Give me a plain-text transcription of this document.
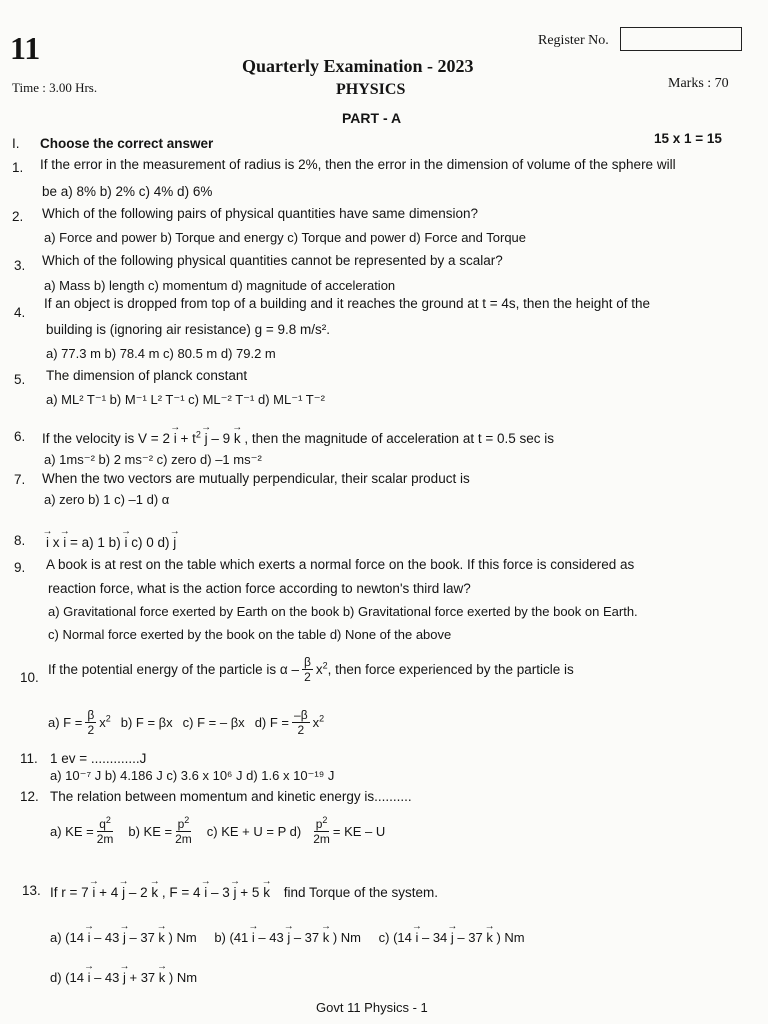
11	Register No.
Quarterly Examination - 2023
Time : 3.00 Hrs.	PHYSICS	Marks : 70
PART - A
I. Choose the correct answer	15 x 1 = 15
1. If the error in the measurement of radius is 2%, then the error in the dimension of volume of the sphere will
be a) 8% b) 2% c) 4% d) 6%
2. Which of the following pairs of physical quantities have same dimension?
a) Force and power b) Torque and energy c) Torque and power d) Force and Torque
3. Which of the following physical quantities cannot be represented by a scalar?
a) Mass b) length c) momentum d) magnitude of acceleration
4.
If an object is dropped from top of a building and it reaches the ground at t = 4s, then the height of the
building is (ignoring air resistance) g = 9.8 m/s².
a) 77.3 m b) 78.4 m c) 80.5 m d) 79.2 m
5. The dimension of planck constant
a) ML² T⁻¹ b) M⁻¹ L² T⁻¹ c) ML⁻² T⁻¹ d) ML⁻¹ T⁻²
6. If the velocity is $V = 2 \to i + t^2 \to j - 9 \to k$ , then the magnitude of acceleration at t = 0.5 sec is
a) 1ms⁻² b) 2 ms⁻² c) zero d) –1 ms⁻²
7. When the two vectors are mutually perpendicular, their scalar product is
a) zero b) 1 c) –1 d) α
8. → i x → i = a) 1 b) → i c) 0 d) → j
9. A book is at rest on the table which exerts a normal force on the book. If this force is considered as
reaction force, what is the action force according to newton's third law?
a) Gravitational force exerted by Earth on the book b) Gravitational force exerted by the book on Earth.
c) Normal force exerted by the book on the table d) None of the above
10.
If the potential energy of the particle is α – $\frac{\beta}{2} x^2$ , then force experienced by the particle is
a) $F = \frac{\beta}{2} x^2$ b) F = βx c) F = – βx d) $F = \frac{-\beta}{2} x^2$
11. 1 ev = .............J
a) 10⁻⁷ J b) 4.186 J c) 3.6 x 10⁶ J d) 1.6 x 10⁻¹⁹ J
12. The relation between momentum and kinetic energy is..........
a) KE = $\frac{q^2}{2m} b$) KE = $\frac{p^2}{2m} c$) KE + U = P $d) \frac{p^2}{2m}$ = KE – U
13. If r = 7 → i + 4 → j – 2 → k , F = 4 → i – 3 → j + 5 → k find Torque of the system.
a) (14 → i – 43 → j – 37 → k ) Nm b) (41 → i – 43 → j – 37 → k ) Nm c) (14 → i – 34 → j – 37 → k ) Nm
d) (14 → i – 43 → j + 37 → k ) Nm
Govt 11 Physics - 1
